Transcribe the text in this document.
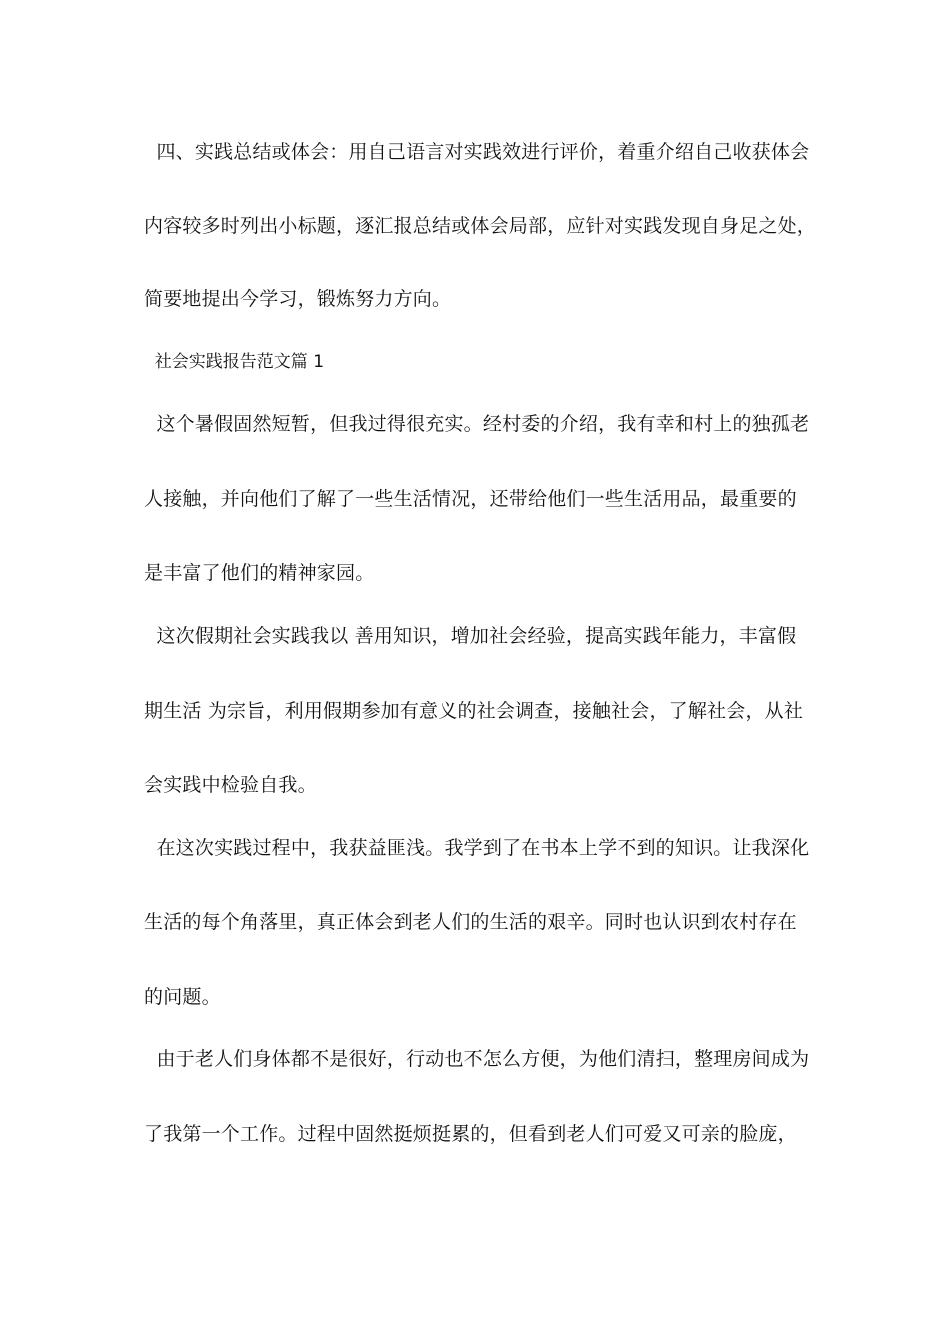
四、实践总结或体会：用自己语言对实践效进行评价，着重介绍自己收获体会
内容较多时列出小标题，逐汇报总结或体会局部，应针对实践发现自身足之处，
简要地提出今学习，锻炼努力方向。
社会实践报告范文篇 1
这个暑假固然短暂，但我过得很充实。经村委的介绍，我有幸和村上的独孤老
人接触，并向他们了解了一些生活情况，还带给他们一些生活用品，最重要的
是丰富了他们的精神家园。
这次假期社会实践我以 善用知识，增加社会经验，提高实践年能力，丰富假
期生活 为宗旨，利用假期参加有意义的社会调查，接触社会，了解社会，从社
会实践中检验自我。
在这次实践过程中，我获益匪浅。我学到了在书本上学不到的知识。让我深化
生活的每个角落里，真正体会到老人们的生活的艰辛。同时也认识到农村存在
的问题。
由于老人们身体都不是很好，行动也不怎么方便，为他们清扫，整理房间成为
了我第一个工作。过程中固然挺烦挺累的，但看到老人们可爱又可亲的脸庞，
